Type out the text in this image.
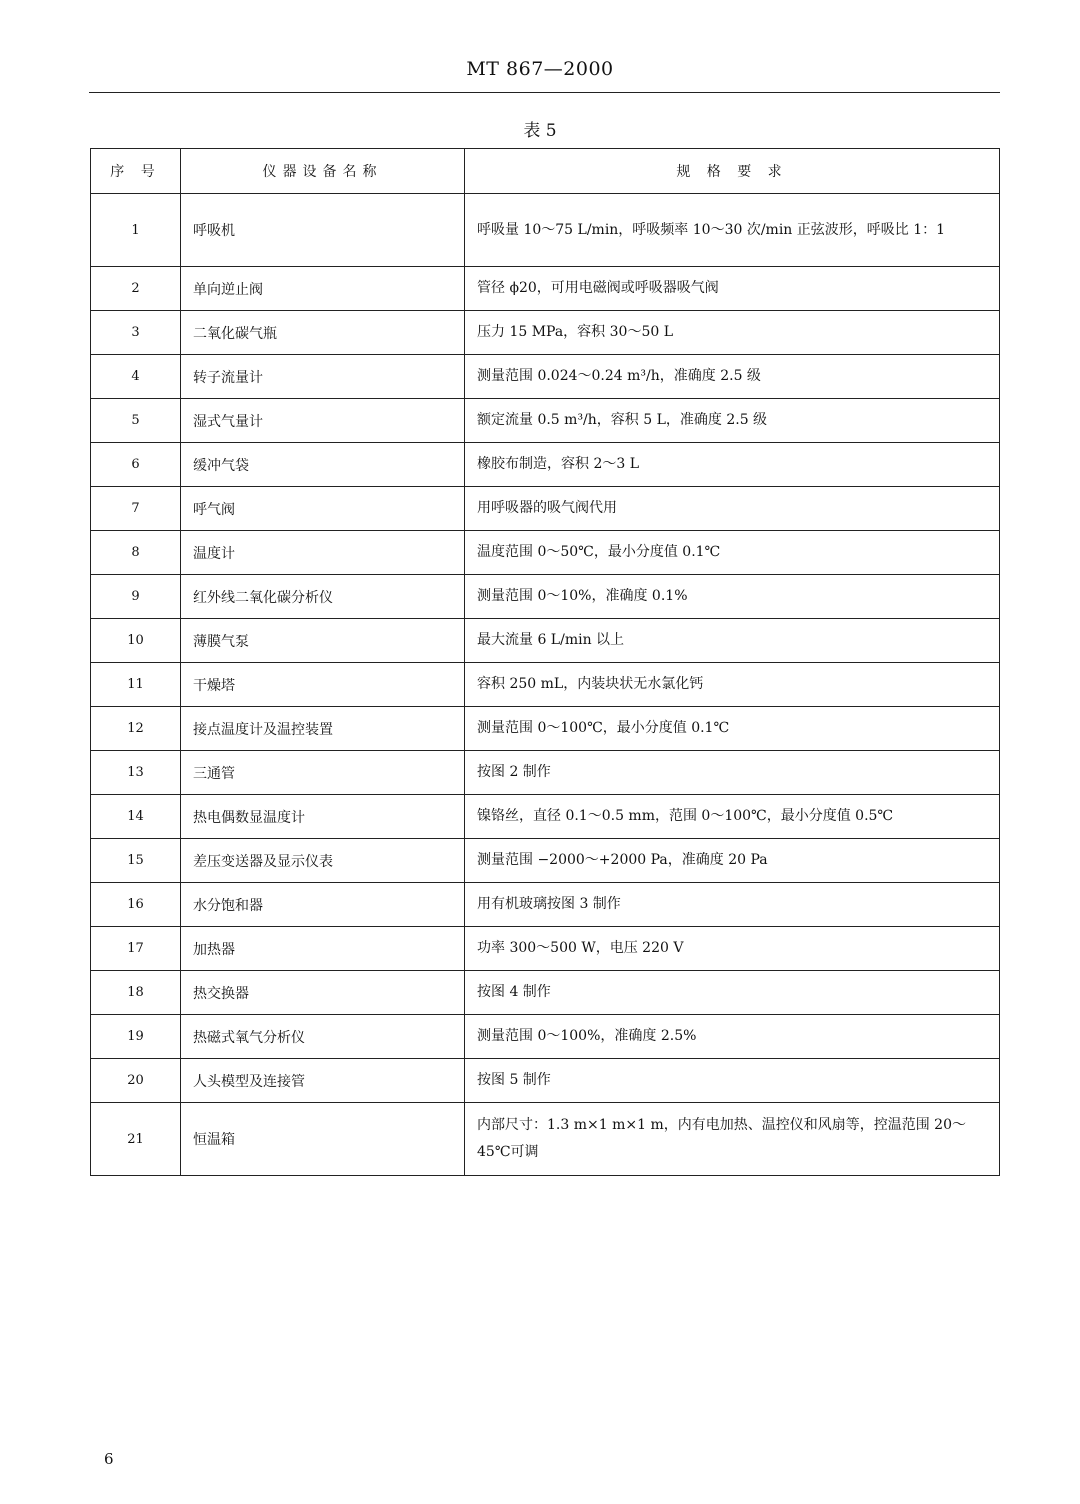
MT 867—2000
表 5
序 号	仪器设备名称	规 格 要 求
1	呼吸机	呼吸量 10～75 L/min，呼吸频率 10～30 次/min 正弦波形，呼吸比 1：1
2	单向逆止阀	管径 ϕ20，可用电磁阀或呼吸器吸气阀
3	二氧化碳气瓶	压力 15 MPa，容积 30～50 L
4	转子流量计	测量范围 0.024～0.24 m³/h，准确度 2.5 级
5	湿式气量计	额定流量 0.5 m³/h，容积 5 L，准确度 2.5 级
6	缓冲气袋	橡胶布制造，容积 2～3 L
7	呼气阀	用呼吸器的吸气阀代用
8	温度计	温度范围 0～50℃，最小分度值 0.1℃
9	红外线二氧化碳分析仪	测量范围 0～10%，准确度 0.1%
10	薄膜气泵	最大流量 6 L/min 以上
11	干燥塔	容积 250 mL，内装块状无水氯化钙
12	接点温度计及温控装置	测量范围 0～100℃，最小分度值 0.1℃
13	三通管	按图 2 制作
14	热电偶数显温度计	镍铬丝，直径 0.1～0.5 mm，范围 0～100℃，最小分度值 0.5℃
15	差压变送器及显示仪表	测量范围 −2000～+2000 Pa，准确度 20 Pa
16	水分饱和器	用有机玻璃按图 3 制作
17	加热器	功率 300～500 W，电压 220 V
18	热交换器	按图 4 制作
19	热磁式氧气分析仪	测量范围 0～100%，准确度 2.5%
20	人头模型及连接管	按图 5 制作
21	恒温箱	内部尺寸：1.3 m×1 m×1 m，内有电加热、温控仪和风扇等，控温范围 20～45℃可调
6
